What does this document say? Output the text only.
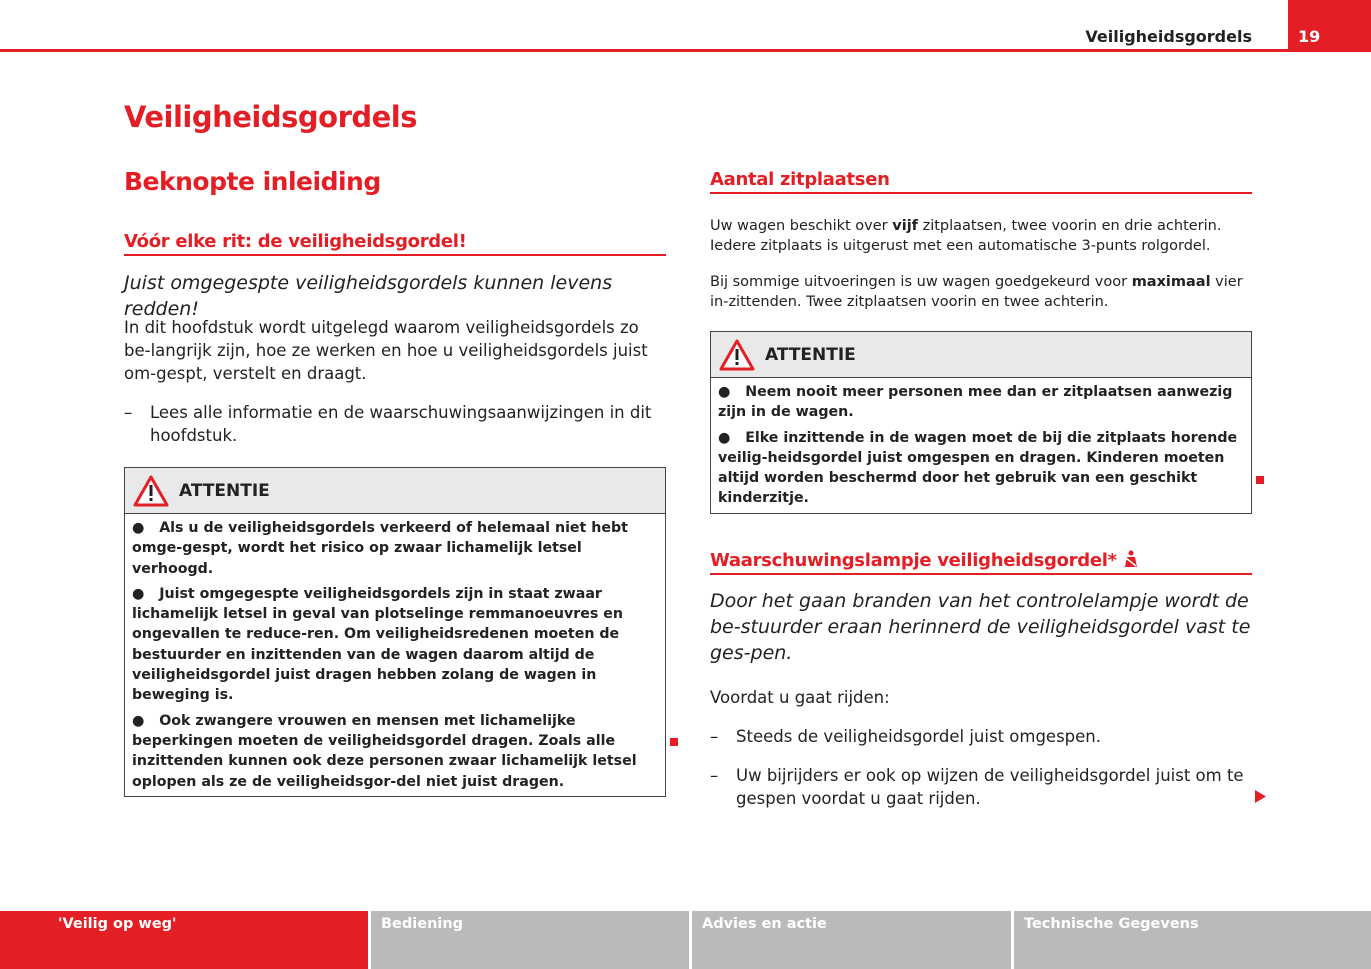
Veiligheidsgordels	19
Veiligheidsgordels
Beknopte inleiding
Vóór elke rit: de veiligheidsgordel!
Juist omgegespte veiligheidsgordels kunnen levens redden!
In dit hoofdstuk wordt uitgelegd waarom veiligheidsgordels zo be-langrijk zijn, hoe ze werken en hoe u veiligheidsgordels juist om-gespt, verstelt en draagt.
–	Lees alle informatie en de waarschuwingsaanwijzingen in dit hoofdstuk.
ATTENTIE

●   Als u de veiligheidsgordels verkeerd of helemaal niet hebt omge-gespt, wordt het risico op zwaar lichamelijk letsel verhoogd.

●   Juist omgegespte veiligheidsgordels zijn in staat zwaar lichamelijk letsel in geval van plotselinge remmanoeuvres en ongevallen te reduce-ren. Om veiligheidsredenen moeten de bestuurder en inzittenden van de wagen daarom altijd de veiligheidsgordel juist dragen hebben zolang de wagen in beweging is.

●   Ook zwangere vrouwen en mensen met lichamelijke beperkingen moeten de veiligheidsgordel dragen. Zoals alle inzittenden kunnen ook deze personen zwaar lichamelijk letsel oplopen als ze de veiligheidsgor-del niet juist dragen.

Aantal zitplaatsen
Uw wagen beschikt over vijf zitplaatsen, twee voorin en drie achterin. Iedere zitplaats is uitgerust met een automatische 3-punts rolgordel.
Bij sommige uitvoeringen is uw wagen goedgekeurd voor maximaal vier in-zittenden. Twee zitplaatsen voorin en twee achterin.
ATTENTIE

●   Neem nooit meer personen mee dan er zitplaatsen aanwezig zijn in de wagen.

●   Elke inzittende in de wagen moet de bij die zitplaats horende veilig-heidsgordel juist omgespen en dragen. Kinderen moeten altijd worden beschermd door het gebruik van een geschikt kinderzitje.

Waarschuwingslampje veiligheidsgordel*
Door het gaan branden van het controlelampje wordt de be-stuurder eraan herinnerd de veiligheidsgordel vast te ges-pen.
Voordat u gaat rijden:
–	Steeds de veiligheidsgordel juist omgespen.
–	Uw bijrijders er ook op wijzen de veiligheidsgordel juist om te gespen voordat u gaat rijden.
'Veilig op weg'	Bediening	Advies en actie	Technische Gegevens
